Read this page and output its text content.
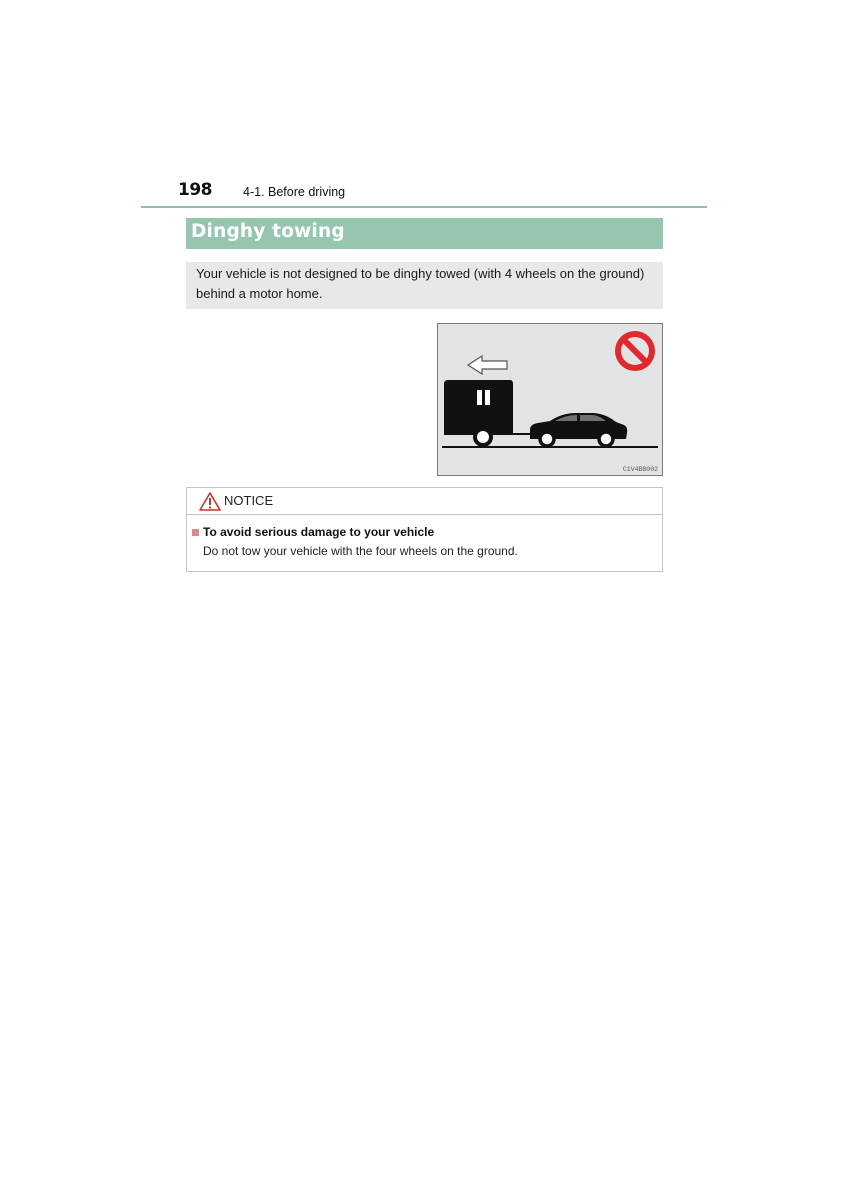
198 4-1. Before driving
Dinghy towing
Your vehicle is not designed to be dinghy towed (with 4 wheels on the ground) behind a motor home.
C1V4BB002
NOTICE
To avoid serious damage to your vehicle
Do not tow your vehicle with the four wheels on the ground.
